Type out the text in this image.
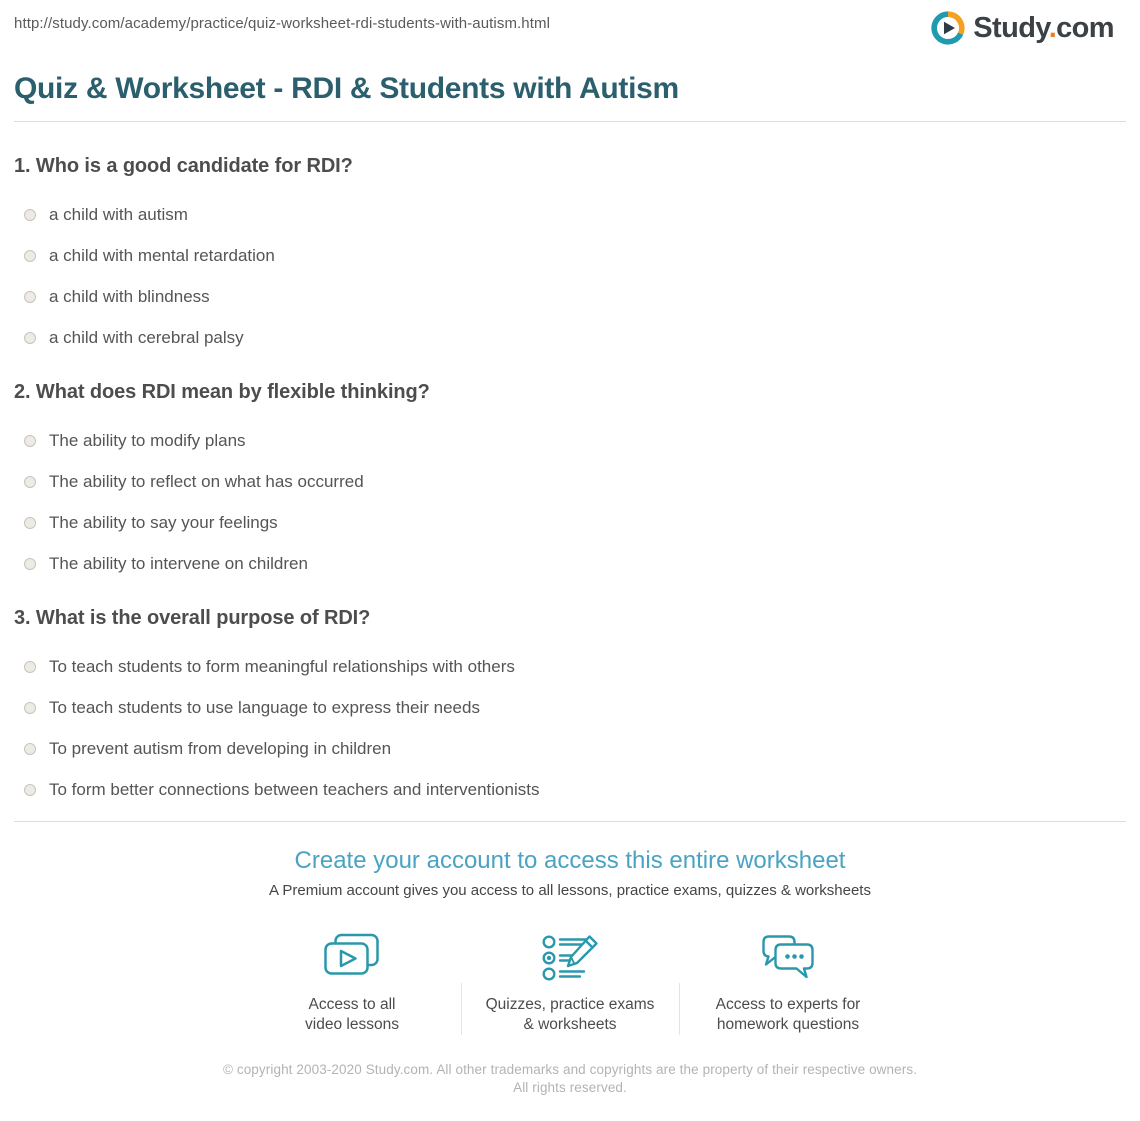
http://study.com/academy/practice/quiz-worksheet-rdi-students-with-autism.html	Study.com
Quiz & Worksheet - RDI & Students with Autism
1. Who is a good candidate for RDI?
a child with autism
a child with mental retardation
a child with blindness
a child with cerebral palsy
2. What does RDI mean by flexible thinking?
The ability to modify plans
The ability to reflect on what has occurred
The ability to say your feelings
The ability to intervene on children
3. What is the overall purpose of RDI?
To teach students to form meaningful relationships with others
To teach students to use language to express their needs
To prevent autism from developing in children
To form better connections between teachers and interventionists
Create your account to access this entire worksheet
A Premium account gives you access to all lessons, practice exams, quizzes & worksheets
Access to all
video lessons
Quizzes, practice exams
& worksheets
Access to experts for
homework questions
© copyright 2003-2020 Study.com. All other trademarks and copyrights are the property of their respective owners. All rights reserved.
